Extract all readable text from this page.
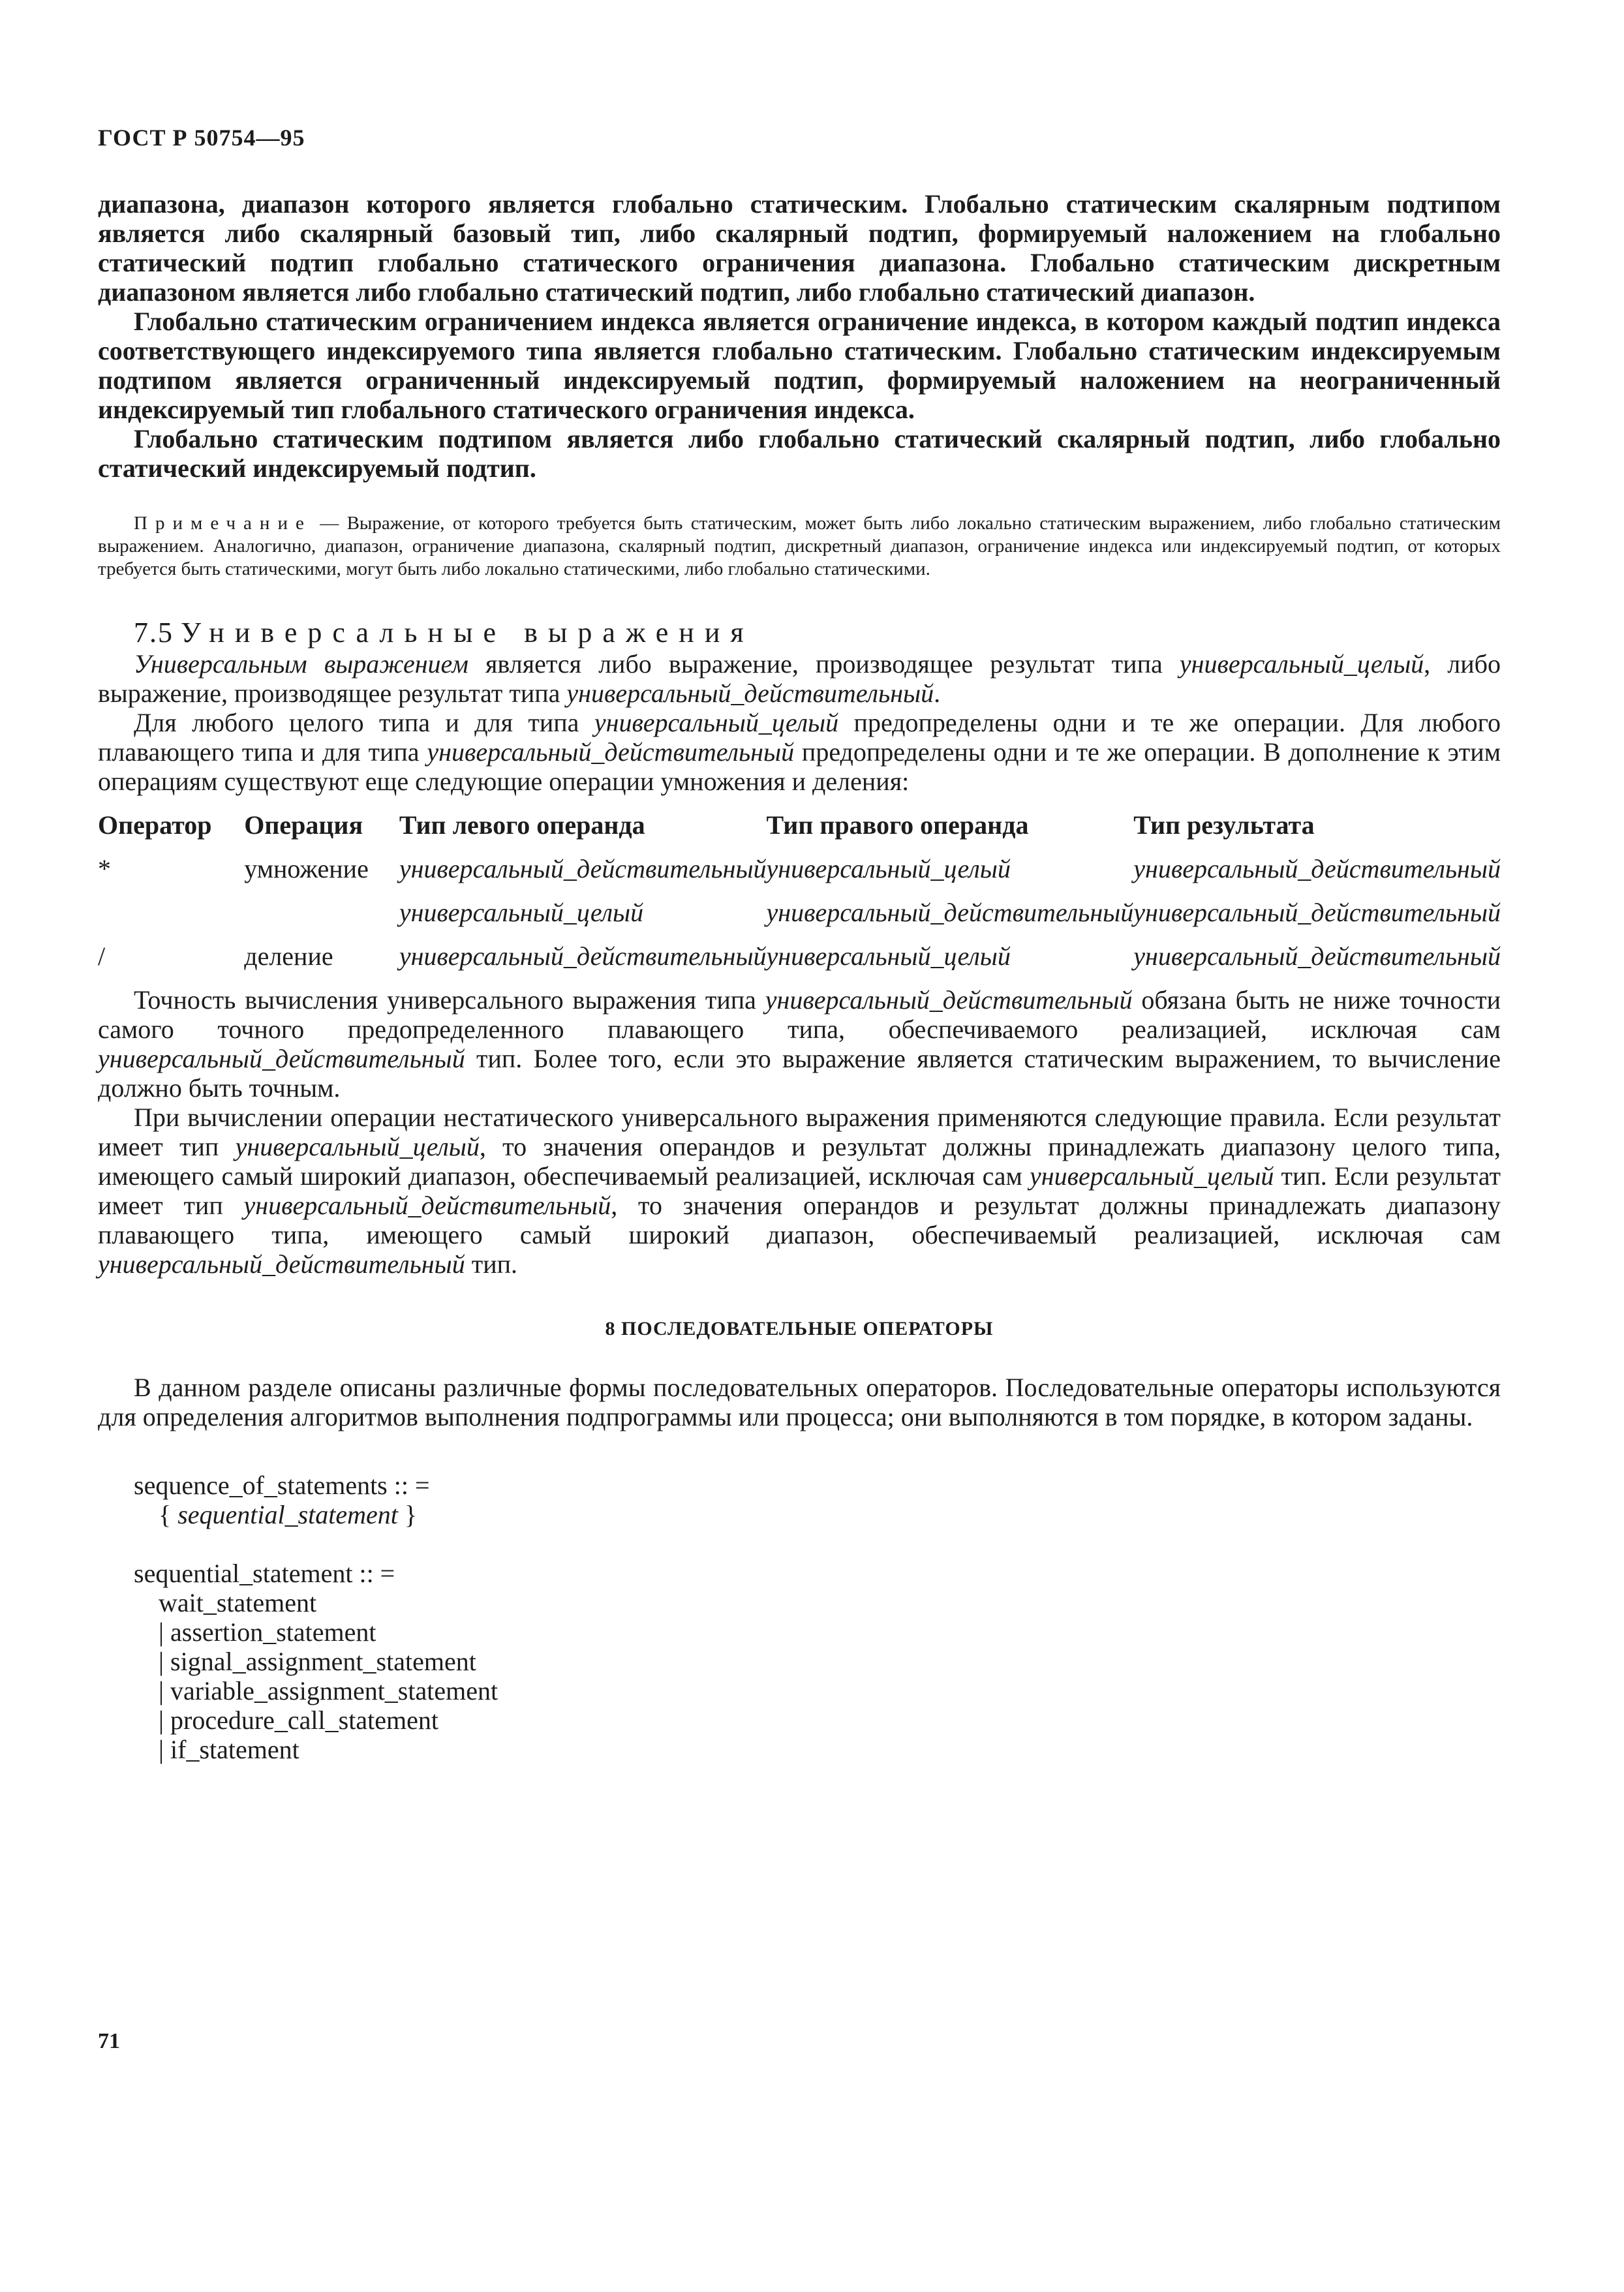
ГОСТ Р 50754—95

диапазона, диапазон которого является глобально статическим. Глобально статическим скалярным подтипом является либо скалярный базовый тип, либо скалярный подтип, формируемый наложением на глобально статический подтип глобально статического ограничения диапазона. Глобально статическим дискретным диапазоном является либо глобально статический подтип, либо глобально статический диапазон.

Глобально статическим ограничением индекса является ограничение индекса, в котором каждый подтип индекса соответствующего индексируемого типа является глобально статическим. Глобально статическим индексируемым подтипом является ограниченный индексируемый подтип, формируемый наложением на неограниченный индексируемый тип глобального статического ограничения индекса.

Глобально статическим подтипом является либо глобально статический скалярный подтип, либо глобально статический индексируемый подтип.

Примечание — Выражение, от которого требуется быть статическим, может быть либо локально статическим выражением, либо глобально статическим выражением. Аналогично, диапазон, ограничение диапазона, скалярный подтип, дискретный диапазон, ограничение индекса или индексируемый подтип, от которых требуется быть статическими, могут быть либо локально статическими, либо глобально статическими.

7.5 Универсальные выражения

Универсальным выражением является либо выражение, производящее результат типа универсальный_целый, либо выражение, производящее результат типа универсальный_действительный.

Для любого целого типа и для типа универсальный_целый предопределены одни и те же операции. Для любого плавающего типа и для типа универсальный_действительный предопределены одни и те же операции. В дополнение к этим операциям существуют еще следующие операции умножения и деления:

Оператор	Операция	Тип левого операнда	Тип правого операнда	Тип результата
*	умножение	универсальный_действительный	универсальный_целый	универсальный_действительный
		универсальный_целый	универсальный_действительный	универсальный_действительный
/	деление	универсальный_действительный	универсальный_целый	универсальный_действительный

Точность вычисления универсального выражения типа универсальный_действительный обязана быть не ниже точности самого точного предопределенного плавающего типа, обеспечиваемого реализацией, исключая сам универсальный_действительный тип. Более того, если это выражение является статическим выражением, то вычисление должно быть точным.

При вычислении операции нестатического универсального выражения применяются следующие правила. Если результат имеет тип универсальный_целый, то значения операндов и результат должны принадлежать диапазону целого типа, имеющего самый широкий диапазон, обеспечиваемый реализацией, исключая сам универсальный_целый тип. Если результат имеет тип универсальный_действительный, то значения операндов и результат должны принадлежать диапазону плавающего типа, имеющего самый широкий диапазон, обеспечиваемый реализацией, исключая сам универсальный_действительный тип.

8 ПОСЛЕДОВАТЕЛЬНЫЕ ОПЕРАТОРЫ

В данном разделе описаны различные формы последовательных операторов. Последовательные операторы используются для определения алгоритмов выполнения подпрограммы или процесса; они выполняются в том порядке, в котором заданы.

sequence_of_statements :: =
{ sequential_statement }
sequential_statement :: =
wait_statement
| assertion_statement
| signal_assignment_statement
| variable_assignment_statement
| procedure_call_statement
| if_statement
71
